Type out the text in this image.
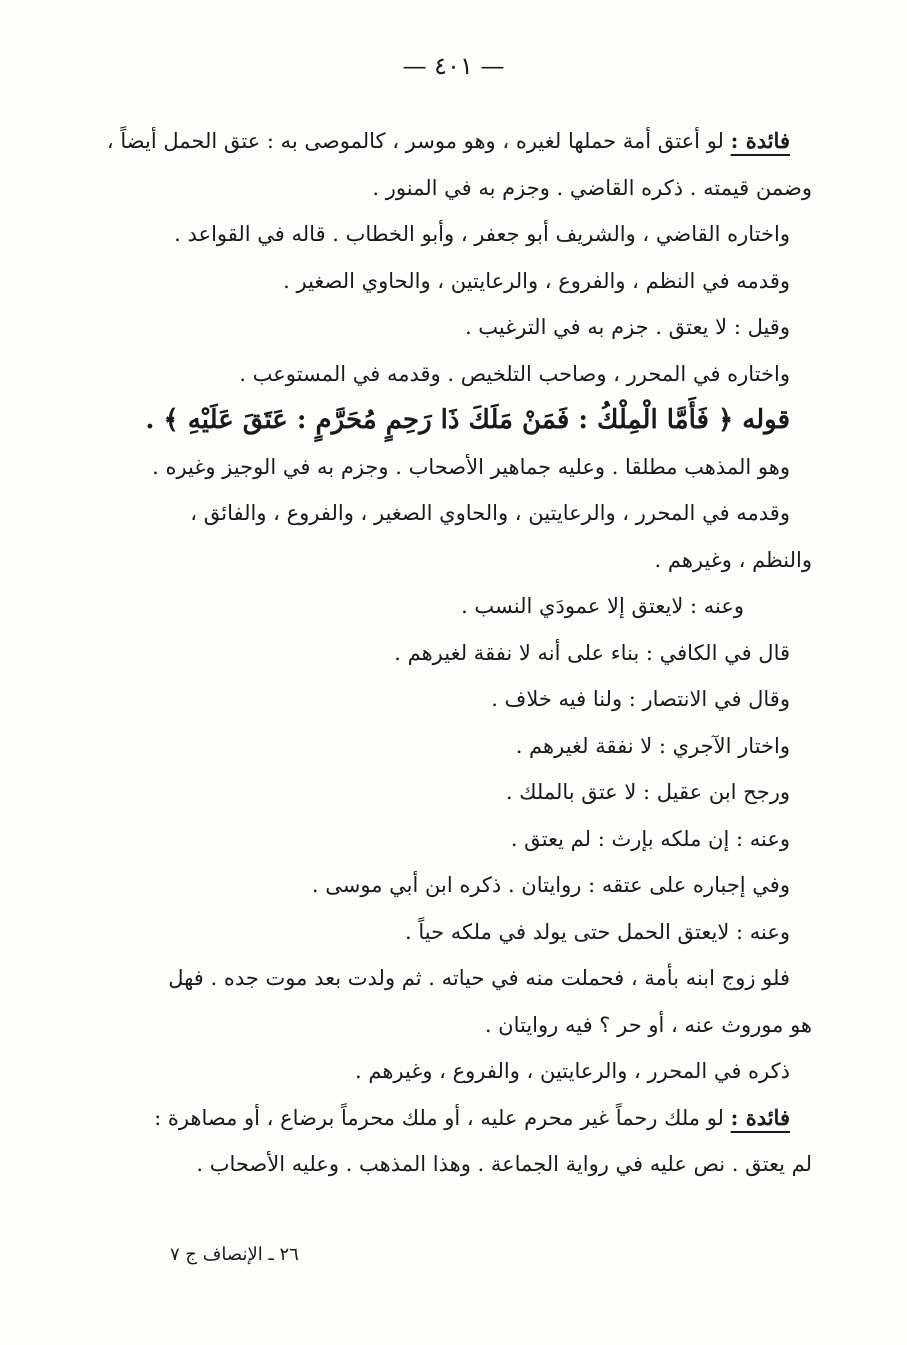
— ٤٠١ —
فائدة : لو أعتق أمة حملها لغيره ، وهو موسر ، كالموصى به : عتق الحمل أيضاً ،
وضمن قيمته . ذكره القاضي . وجزم به في المنور .
واختاره القاضي ، والشريف أبو جعفر ، وأبو الخطاب . قاله في القواعد .
وقدمه في النظم ، والفروع ، والرعايتين ، والحاوي الصغير .
وقيل : لا يعتق . جزم به في الترغيب .
واختاره في المحرر ، وصاحب التلخيص . وقدمه في المستوعب .
قوله ﴿ فَأَمَّا الْمِلْكُ : فَمَنْ مَلَكَ ذَا رَحِمٍ مُحَرَّمٍ : عَتَقَ عَلَيْهِ ﴾ .
وهو المذهب مطلقا . وعليه جماهير الأصحاب . وجزم به في الوجيز وغيره .
وقدمه في المحرر ، والرعايتين ، والحاوي الصغير ، والفروع ، والفائق ،
والنظم ، وغيرهم .
وعنه : لايعتق إلا عمودَي النسب .
قال في الكافي : بناء على أنه لا نفقة لغيرهم .
وقال في الانتصار : ولنا فيه خلاف .
واختار الآجري : لا نفقة لغيرهم .
ورجح ابن عقيل : لا عتق بالملك .
وعنه : إن ملكه بإرث : لم يعتق .
وفي إجباره على عتقه : روايتان . ذكره ابن أبي موسى .
وعنه : لايعتق الحمل حتى يولد في ملكه حياً .
فلو زوج ابنه بأمة ، فحملت منه في حياته . ثم ولدت بعد موت جده . فهل
هو موروث عنه ، أو حر ؟ فيه روايتان .
ذكره في المحرر ، والرعايتين ، والفروع ، وغيرهم .
فائدة : لو ملك رحماً غير محرم عليه ، أو ملك محرماً برضاع ، أو مصاهرة :
لم يعتق . نص عليه في رواية الجماعة . وهذا المذهب . وعليه الأصحاب .
٢٦ ـ الإنصاف ج ٧
